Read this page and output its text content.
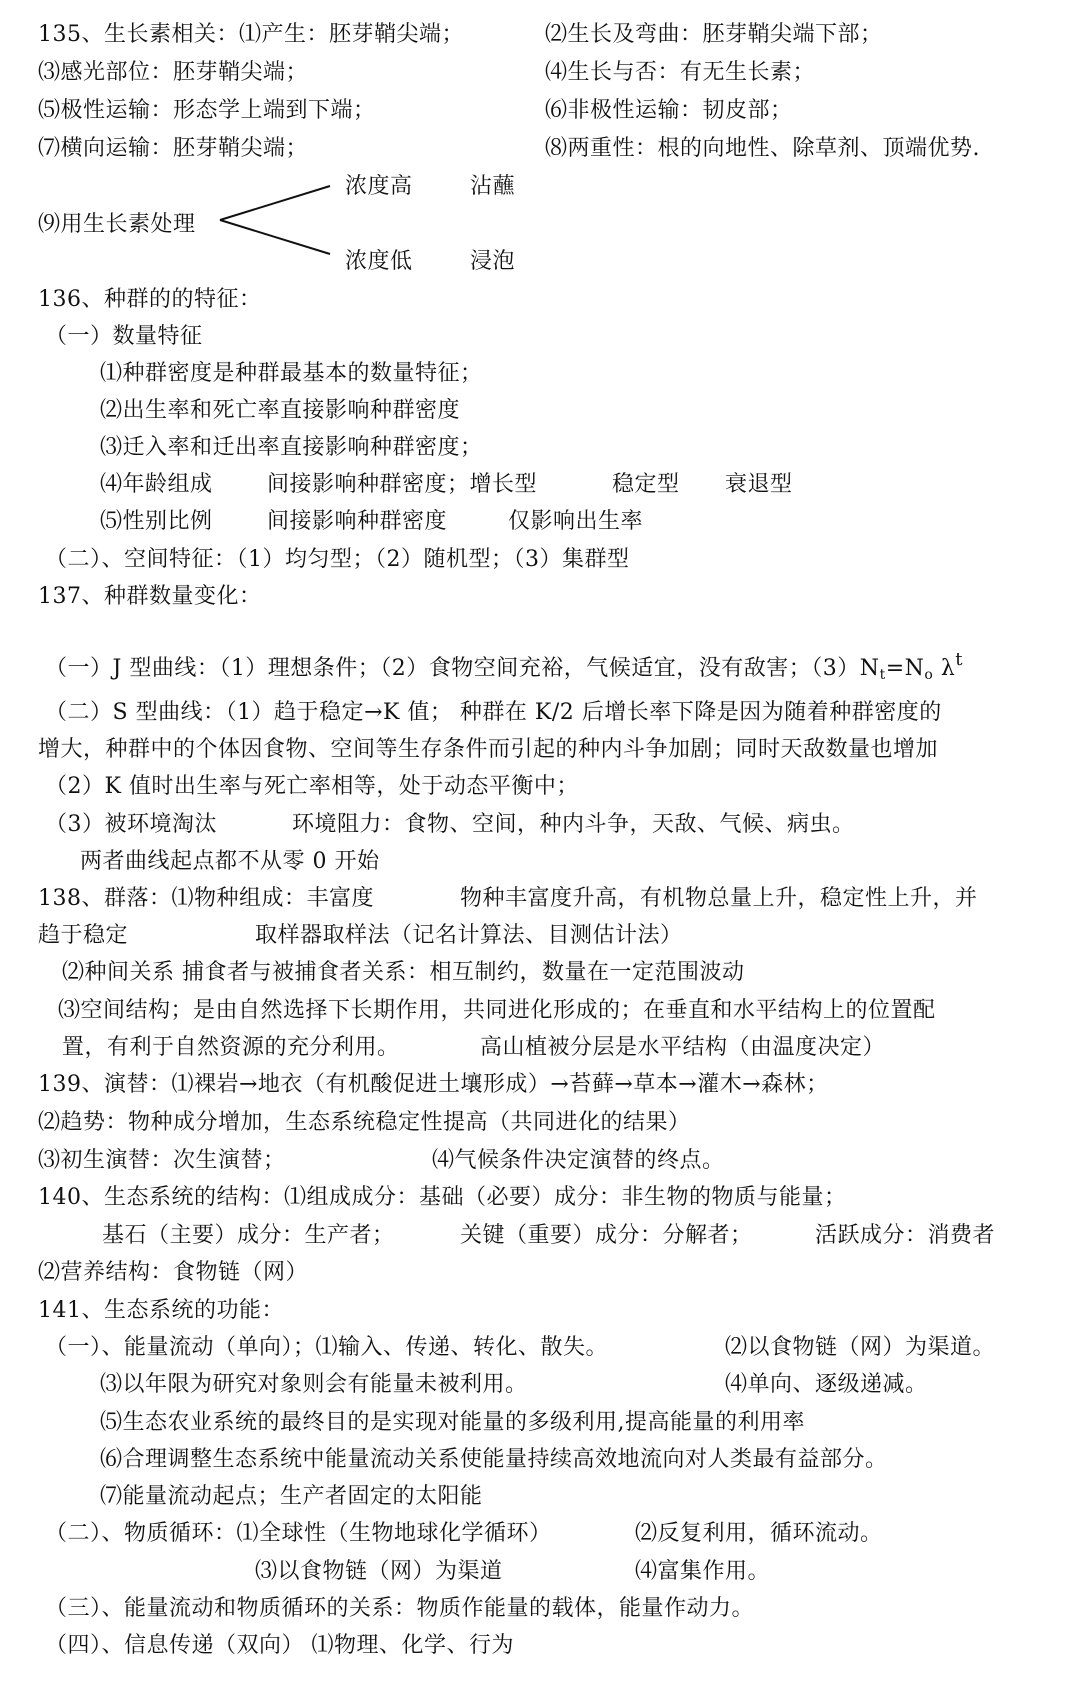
135、生长素相关：⑴产生：胚芽鞘尖端；	⑵生长及弯曲：胚芽鞘尖端下部；
⑶感光部位：胚芽鞘尖端；	⑷生长与否：有无生长素；
⑸极性运输：形态学上端到下端；	⑹非极性运输：韧皮部；
⑺横向运输：胚芽鞘尖端；	⑻两重性：根的向地性、除草剂、顶端优势.
浓度高	沾蘸
⑼用生长素处理
浓度低	浸泡
136、种群的的特征：
（一）数量特征
⑴种群密度是种群最基本的数量特征；
⑵出生率和死亡率直接影响种群密度
⑶迁入率和迁出率直接影响种群密度；
⑷年龄组成 间接影响种群密度；增长型	稳定型 衰退型
⑸性别比例 间接影响种群密度	仅影响出生率
（二）、空间特征：（1）均匀型；（2）随机型；（3）集群型
137、种群数量变化：
（一）J 型曲线：（1）理想条件；（2）食物空间充裕，气候适宜，没有敌害；$(3)N_t=N_o$ $\lambda^t$
（二）S 型曲线：（1）趋于稳定→K 值； 种群在 K/2 后增长率下降是因为随着种群密度的
增大，种群中的个体因食物、空间等生存条件而引起的种内斗争加剧；同时天敌数量也增加
（2）K 值时出生率与死亡率相等，处于动态平衡中；
（3）被环境淘汰	环境阻力：食物、空间，种内斗争，天敌、气候、病虫。
两者曲线起点都不从零 0 开始
138、群落：⑴物种组成：丰富度	物种丰富度升高，有机物总量上升，稳定性上升，并
趋于稳定	取样器取样法（记名计算法、目测估计法）
⑵种间关系 捕食者与被捕食者关系：相互制约，数量在一定范围波动
⑶空间结构；是由自然选择下长期作用，共同进化形成的；在垂直和水平结构上的位置配
置，有利于自然资源的充分利用。	高山植被分层是水平结构（由温度决定）
139、演替：⑴裸岩→地衣（有机酸促进土壤形成）→苔藓→草本→灌木→森林；
⑵趋势：物种成分增加，生态系统稳定性提高（共同进化的结果）
⑶初生演替：次生演替；	⑷气候条件决定演替的终点。
140、生态系统的结构：⑴组成成分：基础（必要）成分：非生物的物质与能量；
基石（主要）成分：生产者；	关键（重要）成分：分解者；	活跃成分：消费者
⑵营养结构：食物链（网）
141、生态系统的功能：
（一）、能量流动（单向）；⑴输入、传递、转化、散失。	⑵以食物链（网）为渠道。
⑶以年限为研究对象则会有能量未被利用。	⑷单向、逐级递减。
⑸生态农业系统的最终目的是实现对能量的多级利用,提高能量的利用率
⑹合理调整生态系统中能量流动关系使能量持续高效地流向对人类最有益部分。
⑺能量流动起点；生产者固定的太阳能
（二）、物质循环：⑴全球性（生物地球化学循环）	⑵反复利用，循环流动。
⑶以食物链（网）为渠道	⑷富集作用。
（三）、能量流动和物质循环的关系：物质作能量的载体，能量作动力。
（四）、信息传递（双向） ⑴物理、化学、行为
